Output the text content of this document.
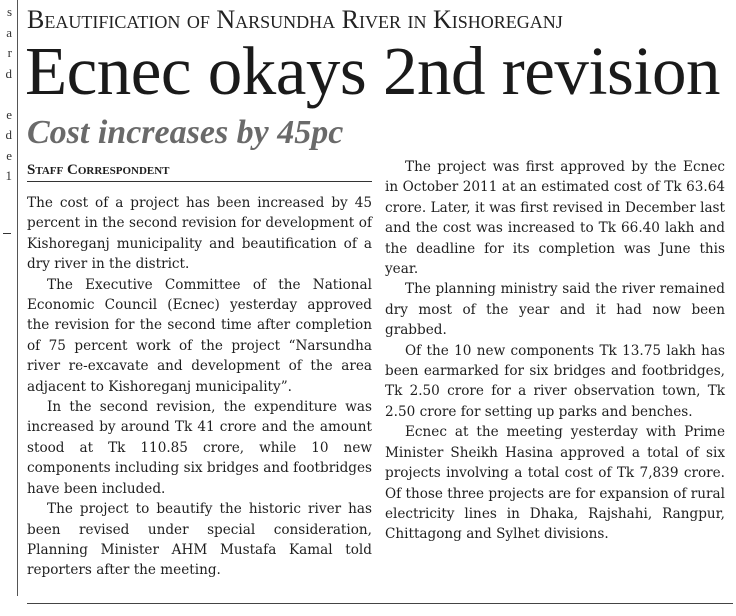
s
a
r
d

e
d
e
1
Beautification of Narsundha River in Kishoreganj
Ecnec okays 2nd revision
Cost increases by 45pc
Staff Correspondent

The cost of a project has been increased by 45 percent in the second revision for development of Kishoreganj municipality and beautification of a dry river in the district.

The Executive Committee of the National Economic Council (Ecnec) yesterday approved the revision for the second time after completion of 75 percent work of the project “Narsundha river re-excavate and development of the area adjacent to Kishoreganj municipality”.

In the second revision, the expenditure was increased by around Tk 41 crore and the amount stood at Tk 110.85 crore, while 10 new components including six bridges and footbridges have been included.

The project to beautify the historic river has been revised under special consideration, Planning Minister AHM Mustafa Kamal told reporters after the meeting.

The project was first approved by the Ecnec in October 2011 at an estimated cost of Tk 63.64 crore. Later, it was first revised in December last and the cost was increased to Tk 66.40 lakh and the deadline for its completion was June this year.

The planning ministry said the river remained dry most of the year and it had now been grabbed.

Of the 10 new components Tk 13.75 lakh has been earmarked for six bridges and footbridges, Tk 2.50 crore for a river observation town, Tk 2.50 crore for setting up parks and benches.

Ecnec at the meeting yesterday with Prime Minister Sheikh Hasina approved a total of six projects involving a total cost of Tk 7,839 crore. Of those three projects are for expansion of rural electricity lines in Dhaka, Rajshahi, Rangpur, Chittagong and Sylhet divisions.
